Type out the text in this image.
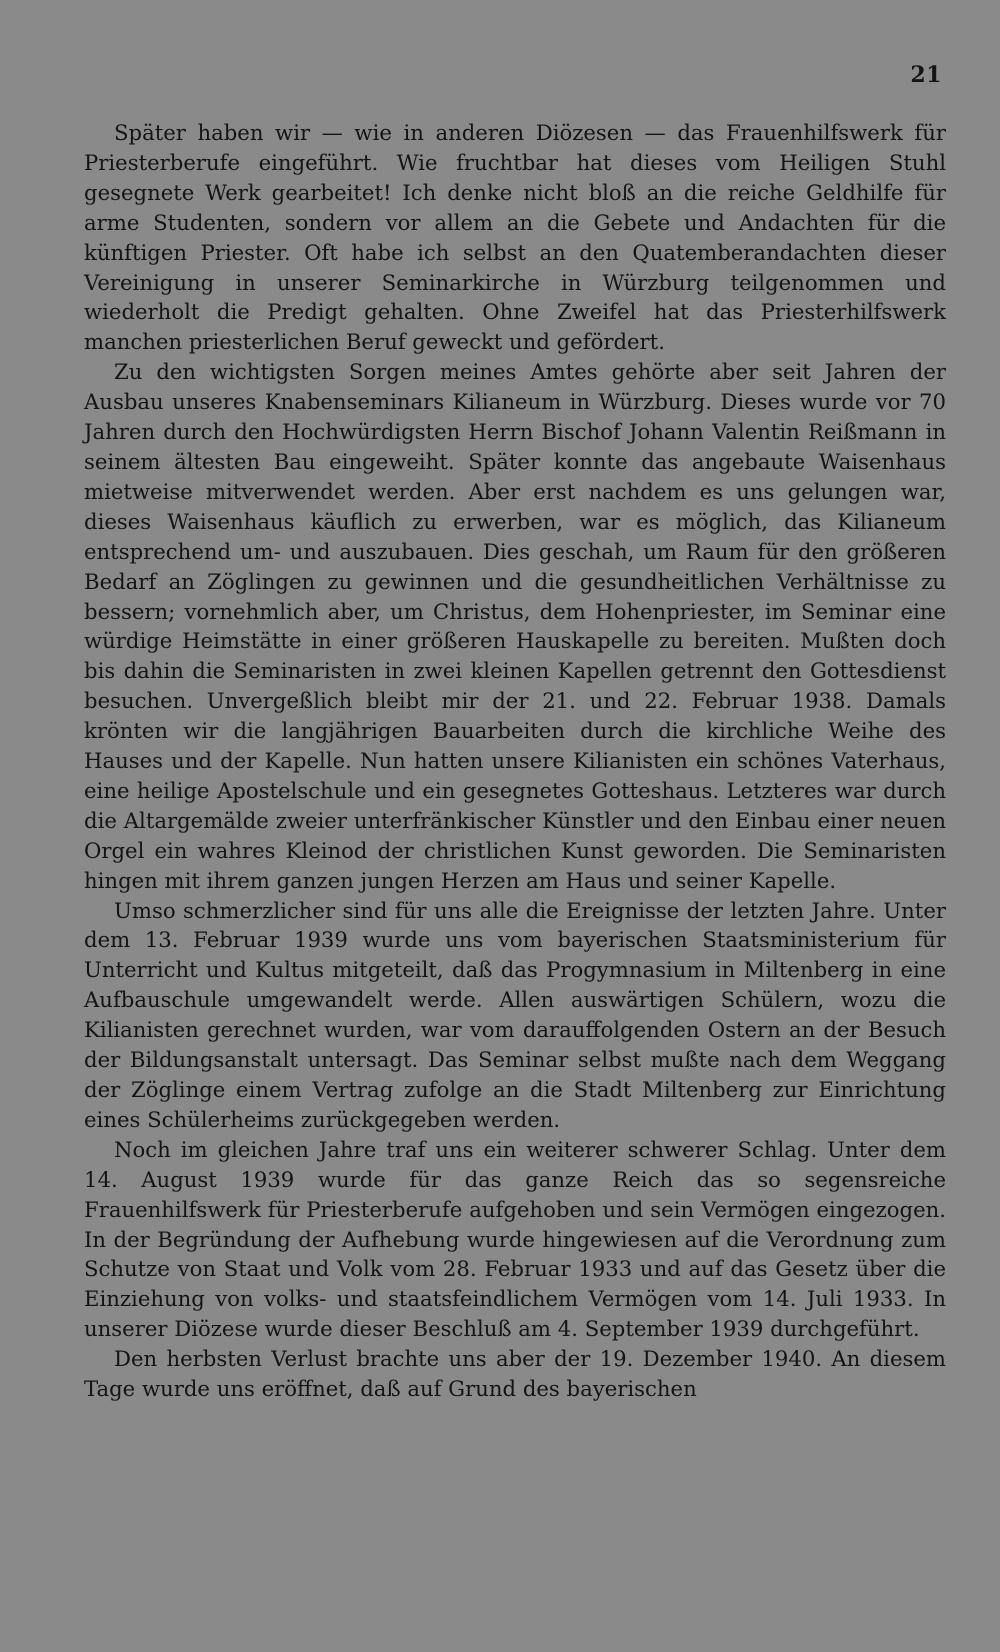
21

Später haben wir — wie in anderen Diözesen — das Frauenhilfswerk für Priesterberufe eingeführt. Wie fruchtbar hat dieses vom Heiligen Stuhl gesegnete Werk gearbeitet! Ich denke nicht bloß an die reiche Geldhilfe für arme Studenten, sondern vor allem an die Gebete und Andachten für die künftigen Priester. Oft habe ich selbst an den Quatemberandachten dieser Vereinigung in unserer Seminarkirche in Würzburg teilgenommen und wiederholt die Predigt gehalten. Ohne Zweifel hat das Priesterhilfswerk manchen priesterlichen Beruf geweckt und gefördert.

Zu den wichtigsten Sorgen meines Amtes gehörte aber seit Jahren der Ausbau unseres Knabenseminars Kilianeum in Würzburg. Dieses wurde vor 70 Jahren durch den Hochwürdigsten Herrn Bischof Johann Valentin Reißmann in seinem ältesten Bau eingeweiht. Später konnte das angebaute Waisenhaus mietweise mitverwendet werden. Aber erst nachdem es uns gelungen war, dieses Waisenhaus käuflich zu erwerben, war es möglich, das Kilianeum entsprechend um- und auszubauen. Dies geschah, um Raum für den größeren Bedarf an Zöglingen zu gewinnen und die gesundheitlichen Verhältnisse zu bessern; vornehmlich aber, um Christus, dem Hohenpriester, im Seminar eine würdige Heimstätte in einer größeren Hauskapelle zu bereiten. Mußten doch bis dahin die Seminaristen in zwei kleinen Kapellen getrennt den Gottesdienst besuchen. Unvergeßlich bleibt mir der 21. und 22. Februar 1938. Damals krönten wir die langjährigen Bauarbeiten durch die kirchliche Weihe des Hauses und der Kapelle. Nun hatten unsere Kilianisten ein schönes Vaterhaus, eine heilige Apostelschule und ein gesegnetes Gotteshaus. Letzteres war durch die Altargemälde zweier unterfränkischer Künstler und den Einbau einer neuen Orgel ein wahres Kleinod der christlichen Kunst geworden. Die Seminaristen hingen mit ihrem ganzen jungen Herzen am Haus und seiner Kapelle.

Umso schmerzlicher sind für uns alle die Ereignisse der letzten Jahre. Unter dem 13. Februar 1939 wurde uns vom bayerischen Staatsministerium für Unterricht und Kultus mitgeteilt, daß das Progymnasium in Miltenberg in eine Aufbauschule umgewandelt werde. Allen auswärtigen Schülern, wozu die Kilianisten gerechnet wurden, war vom darauffolgenden Ostern an der Besuch der Bildungsanstalt untersagt. Das Seminar selbst mußte nach dem Weggang der Zöglinge einem Vertrag zufolge an die Stadt Miltenberg zur Einrichtung eines Schülerheims zurückgegeben werden.

Noch im gleichen Jahre traf uns ein weiterer schwerer Schlag. Unter dem 14. August 1939 wurde für das ganze Reich das so segensreiche Frauenhilfswerk für Priesterberufe aufgehoben und sein Vermögen eingezogen. In der Begründung der Aufhebung wurde hingewiesen auf die Verordnung zum Schutze von Staat und Volk vom 28. Februar 1933 und auf das Gesetz über die Einziehung von volks- und staatsfeindlichem Vermögen vom 14. Juli 1933. In unserer Diözese wurde dieser Beschluß am 4. September 1939 durchgeführt.

Den herbsten Verlust brachte uns aber der 19. Dezember 1940. An diesem Tage wurde uns eröffnet, daß auf Grund des bayerischen
